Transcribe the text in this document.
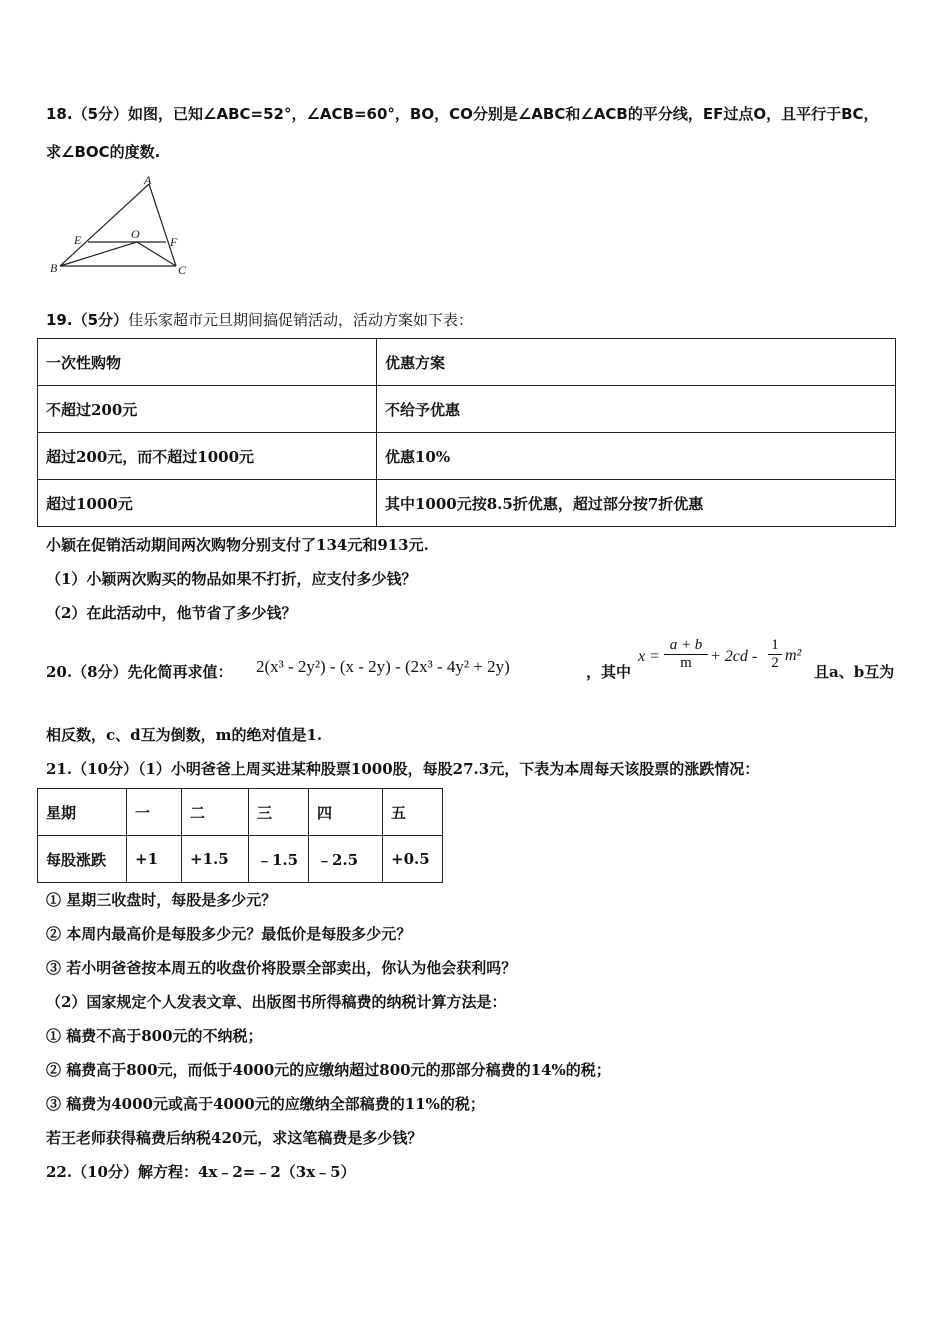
18.（5分）如图，已知∠ABC=52°，∠ACB=60°，BO，CO分别是∠ABC和∠ACB的平分线，EF过点O，且平行于BC，
求∠BOC的度数.
A
B	C
E	O
F
19.（5分）佳乐家超市元旦期间搞促销活动，活动方案如下表：
一次性购物	优惠方案
不超过200元	不给予优惠
超过200元，而不超过1000元	优惠10%
超过1000元	其中1000元按8.5折优惠，超过部分按7折优惠
小颖在促销活动期间两次购物分别支付了134元和913元.
（1）小颖两次购买的物品如果不打折，应支付多少钱？
（2）在此活动中，他节省了多少钱？
20.（8分）先化简再求值： 2(x³ - 2y²) - (x - 2y) - (2x³ - 4y² + 2y)	，其中
$x = \frac{a + b}{m} + 2cd - \frac{1}{2} m^2$
且a、b互为
相反数，c、d互为倒数，m的绝对值是1.
21.（10分）（1）小明爸爸上周买进某种股票1000股，每股27.3元，下表为本周每天该股票的涨跌情况：
星期	一	二	三	四	五
每股涨跌	+1	+1.5	﹣1.5	﹣2.5	+0.5
① 星期三收盘时，每股是多少元？
② 本周内最高价是每股多少元？最低价是每股多少元？
③ 若小明爸爸按本周五的收盘价将股票全部卖出，你认为他会获利吗？
（2）国家规定个人发表文章、出版图书所得稿费的纳税计算方法是：
① 稿费不高于800元的不纳税；
② 稿费高于800元，而低于4000元的应缴纳超过800元的那部分稿费的14%的税；
③ 稿费为4000元或高于4000元的应缴纳全部稿费的11%的税；
若王老师获得稿费后纳税420元，求这笔稿费是多少钱？
22.（10分）解方程：4x﹣2=﹣2（3x﹣5）
